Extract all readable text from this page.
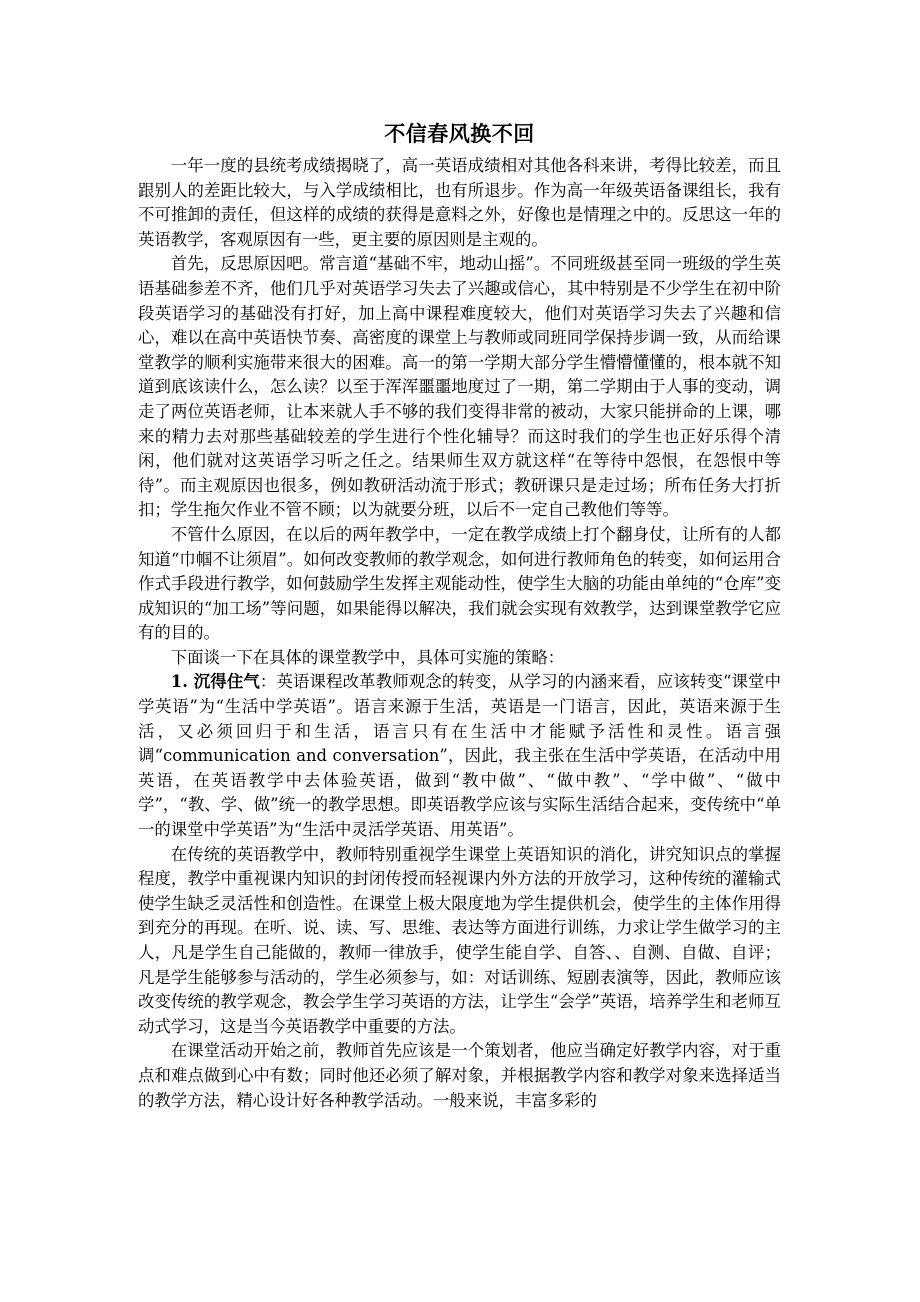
不信春风换不回

一年一度的县统考成绩揭晓了，高一英语成绩相对其他各科来讲，考得比较差，而且跟别人的差距比较大，与入学成绩相比，也有所退步。作为高一年级英语备课组长，我有不可推卸的责任，但这样的成绩的获得是意料之外，好像也是情理之中的。反思这一年的英语教学，客观原因有一些，更主要的原因则是主观的。

首先，反思原因吧。常言道“基础不牢，地动山摇”。不同班级甚至同一班级的学生英语基础参差不齐，他们几乎对英语学习失去了兴趣或信心，其中特别是不少学生在初中阶段英语学习的基础没有打好，加上高中课程难度较大，他们对英语学习失去了兴趣和信心，难以在高中英语快节奏、高密度的课堂上与教师或同班同学保持步调一致，从而给课堂教学的顺利实施带来很大的困难。高一的第一学期大部分学生懵懵懂懂的，根本就不知道到底该读什么，怎么读？以至于浑浑噩噩地度过了一期，第二学期由于人事的变动，调走了两位英语老师，让本来就人手不够的我们变得非常的被动，大家只能拼命的上课，哪来的精力去对那些基础较差的学生进行个性化辅导？而这时我们的学生也正好乐得个清闲，他们就对这英语学习听之任之。结果师生双方就这样“在等待中怨恨，在怨恨中等待”。而主观原因也很多，例如教研活动流于形式；教研课只是走过场；所布任务大打折扣；学生拖欠作业不管不顾；以为就要分班，以后不一定自己教他们等等。

不管什么原因，在以后的两年教学中，一定在教学成绩上打个翻身仗，让所有的人都知道“巾帼不让须眉”。如何改变教师的教学观念，如何进行教师角色的转变，如何运用合作式手段进行教学，如何鼓励学生发挥主观能动性，使学生大脑的功能由单纯的“仓库”变成知识的“加工场”等问题，如果能得以解决，我们就会实现有效教学，达到课堂教学它应有的目的。

下面谈一下在具体的课堂教学中，具体可实施的策略：

1. 沉得住气：英语课程改革教师观念的转变，从学习的内涵来看，应该转变“课堂中学英语”为“生活中学英语”。语言来源于生活，英语是一门语言，因此，英语来源于生活，又必须回归于和生活，语言只有在生活中才能赋予活性和灵性。语言强调“communication and conversation”，因此，我主张在生活中学英语，在活动中用英语，在英语教学中去体验英语，做到“教中做”、“做中教”、“学中做”、“做中学”，“教、学、做”统一的教学思想。即英语教学应该与实际生活结合起来，变传统中“单一的课堂中学英语”为“生活中灵活学英语、用英语”。

在传统的英语教学中，教师特别重视学生课堂上英语知识的消化，讲究知识点的掌握程度，教学中重视课内知识的封闭传授而轻视课内外方法的开放学习，这种传统的灌输式使学生缺乏灵活性和创造性。在课堂上极大限度地为学生提供机会，使学生的主体作用得到充分的再现。在听、说、读、写、思维、表达等方面进行训练，力求让学生做学习的主人，凡是学生自己能做的，教师一律放手，使学生能自学、自答、、自测、自做、自评；凡是学生能够参与活动的，学生必须参与，如：对话训练、短剧表演等，因此，教师应该改变传统的教学观念，教会学生学习英语的方法，让学生“会学”英语，培养学生和老师互动式学习，这是当今英语教学中重要的方法。

在课堂活动开始之前，教师首先应该是一个策划者，他应当确定好教学内容，对于重点和难点做到心中有数；同时他还必须了解对象，并根据教学内容和教学对象来选择适当的教学方法，精心设计好各种教学活动。一般来说，丰富多彩的
